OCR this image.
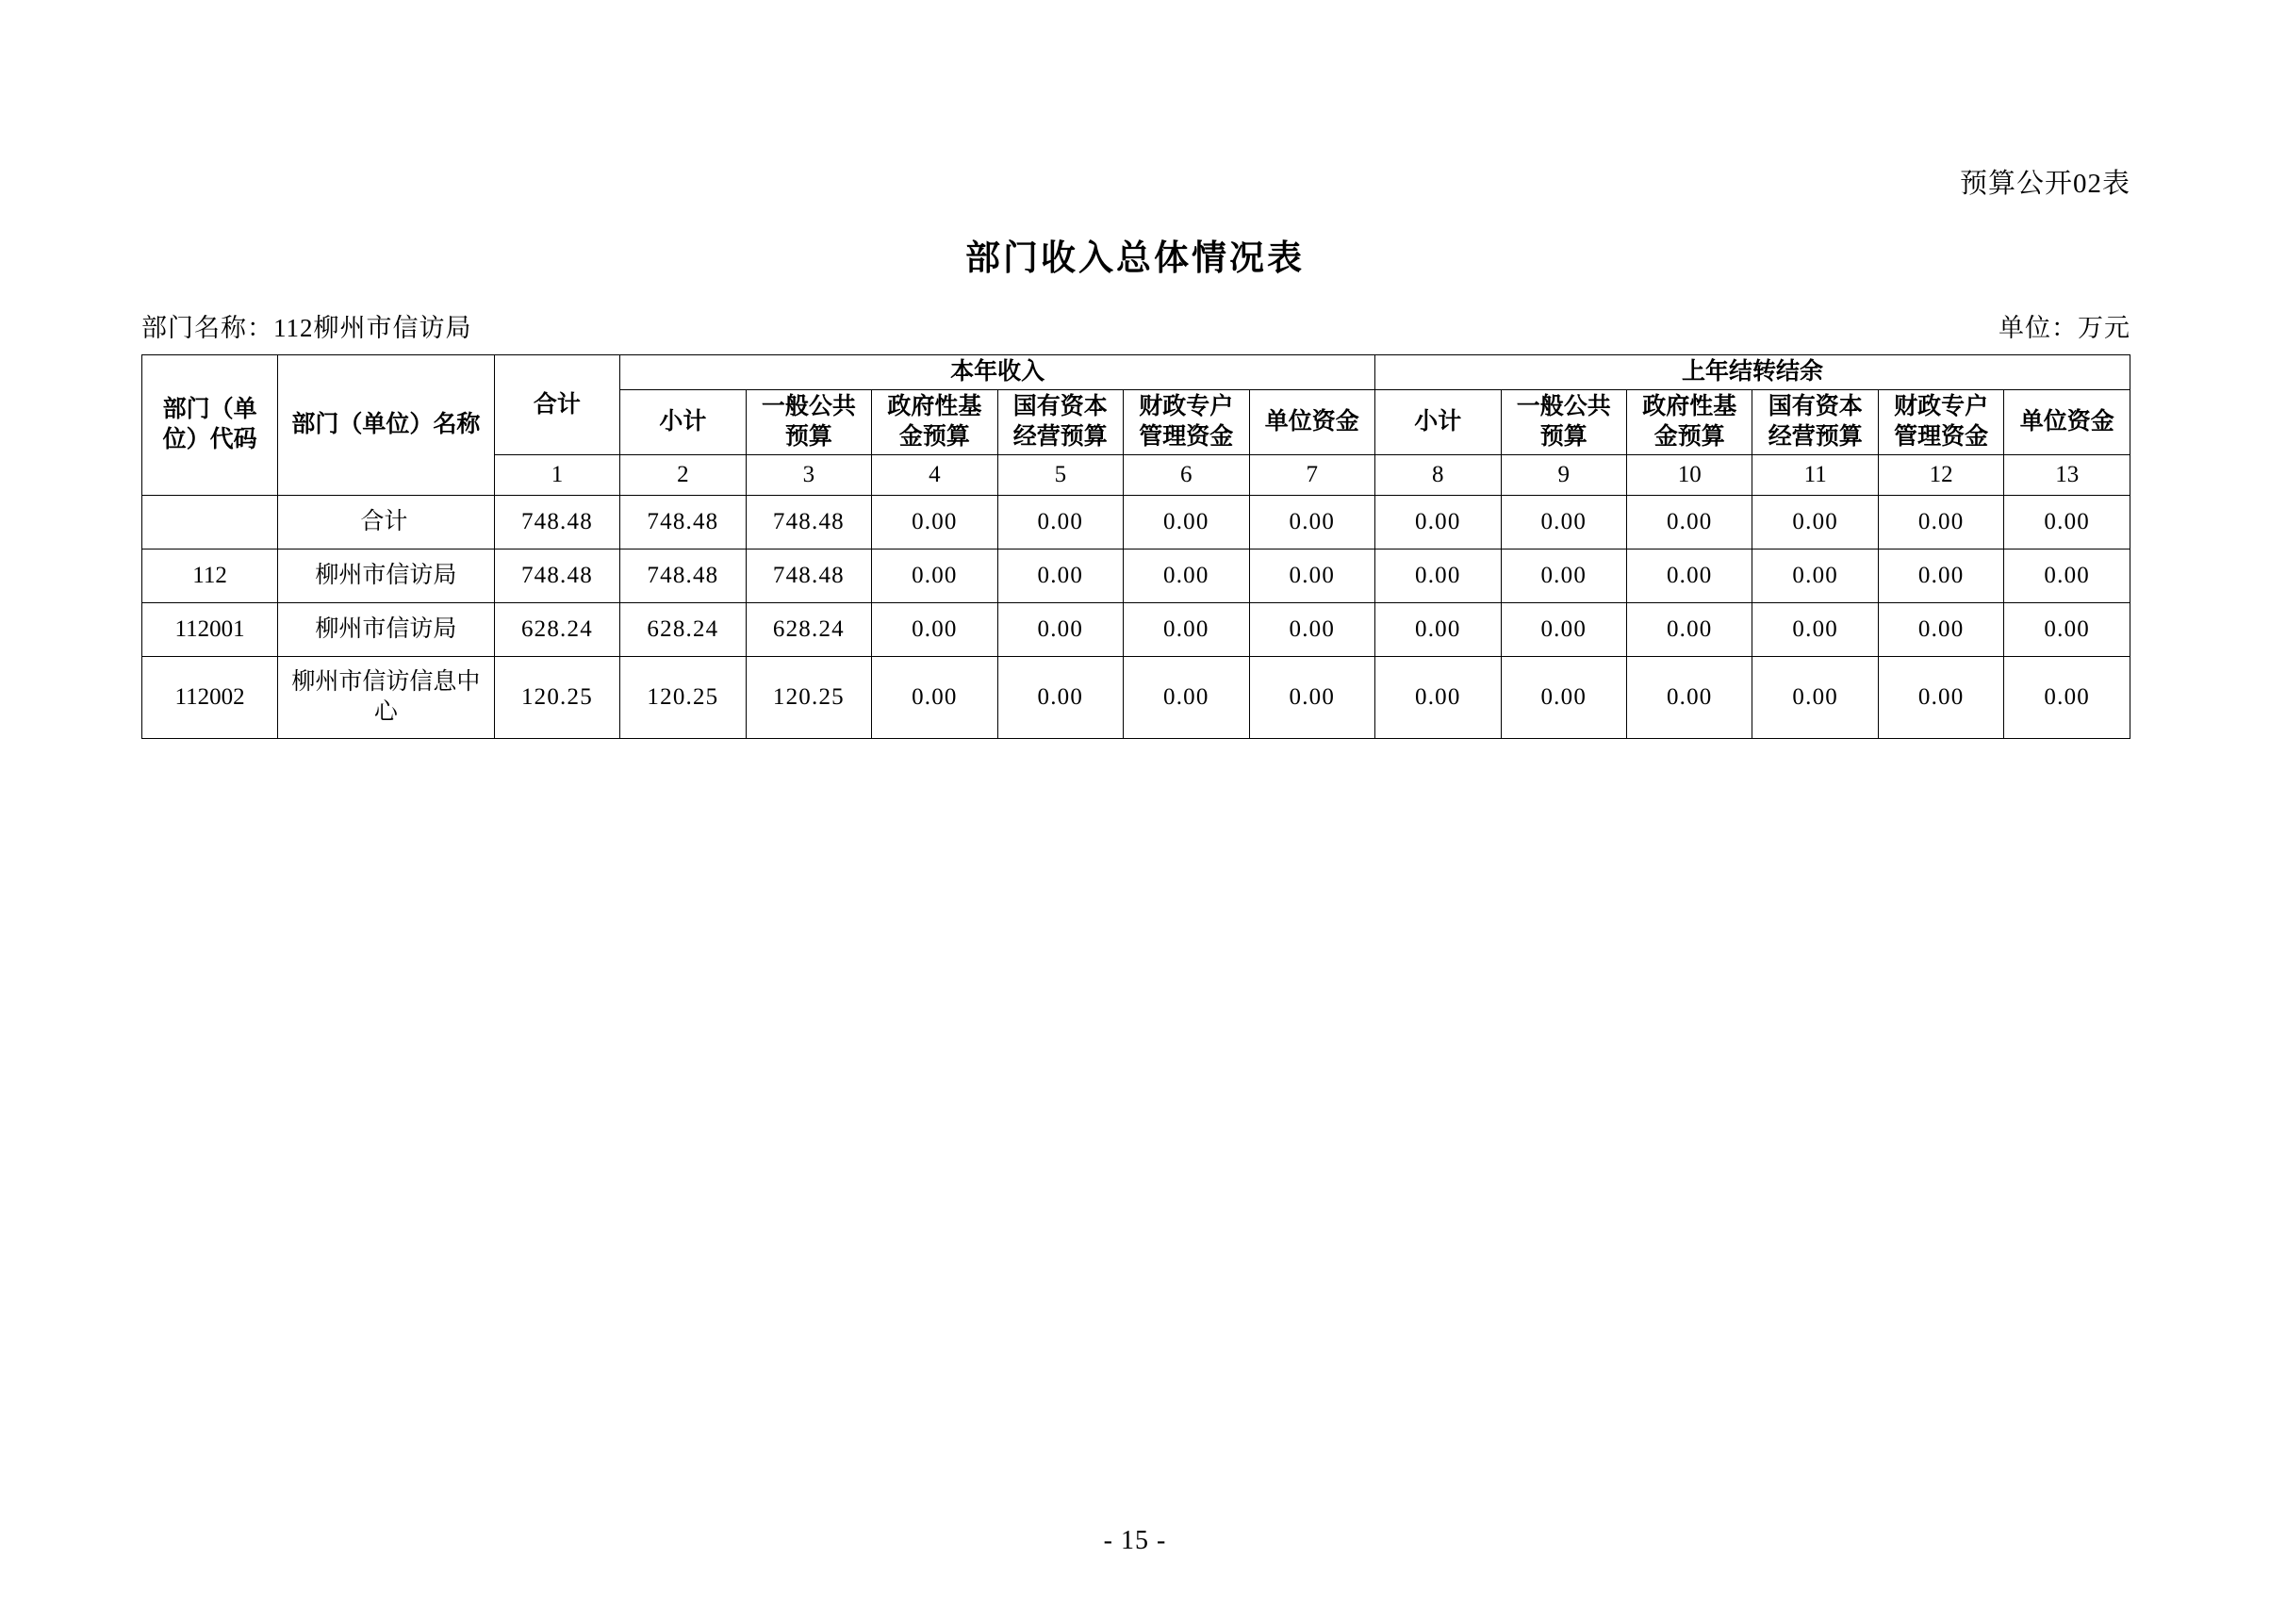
预算公开02表
部门收入总体情况表
部门名称：112柳州市信访局	单位：万元
部门（单位）代码	部门（单位）名称	合计	本年收入						上年结转结余					
			小计	一般公共预算	政府性基金预算	国有资本经营预算	财政专户管理资金	单位资金	小计	一般公共预算	政府性基金预算	国有资本经营预算	财政专户管理资金	单位资金
		1	2	3	4	5	6	7	8	9	10	11	12	13
	合计	748.48	748.48	748.48	0.00	0.00	0.00	0.00	0.00	0.00	0.00	0.00	0.00	0.00
112	柳州市信访局	748.48	748.48	748.48	0.00	0.00	0.00	0.00	0.00	0.00	0.00	0.00	0.00	0.00
112001	柳州市信访局	628.24	628.24	628.24	0.00	0.00	0.00	0.00	0.00	0.00	0.00	0.00	0.00	0.00
112002	柳州市信访信息中心	120.25	120.25	120.25	0.00	0.00	0.00	0.00	0.00	0.00	0.00	0.00	0.00	0.00
- 15 -
